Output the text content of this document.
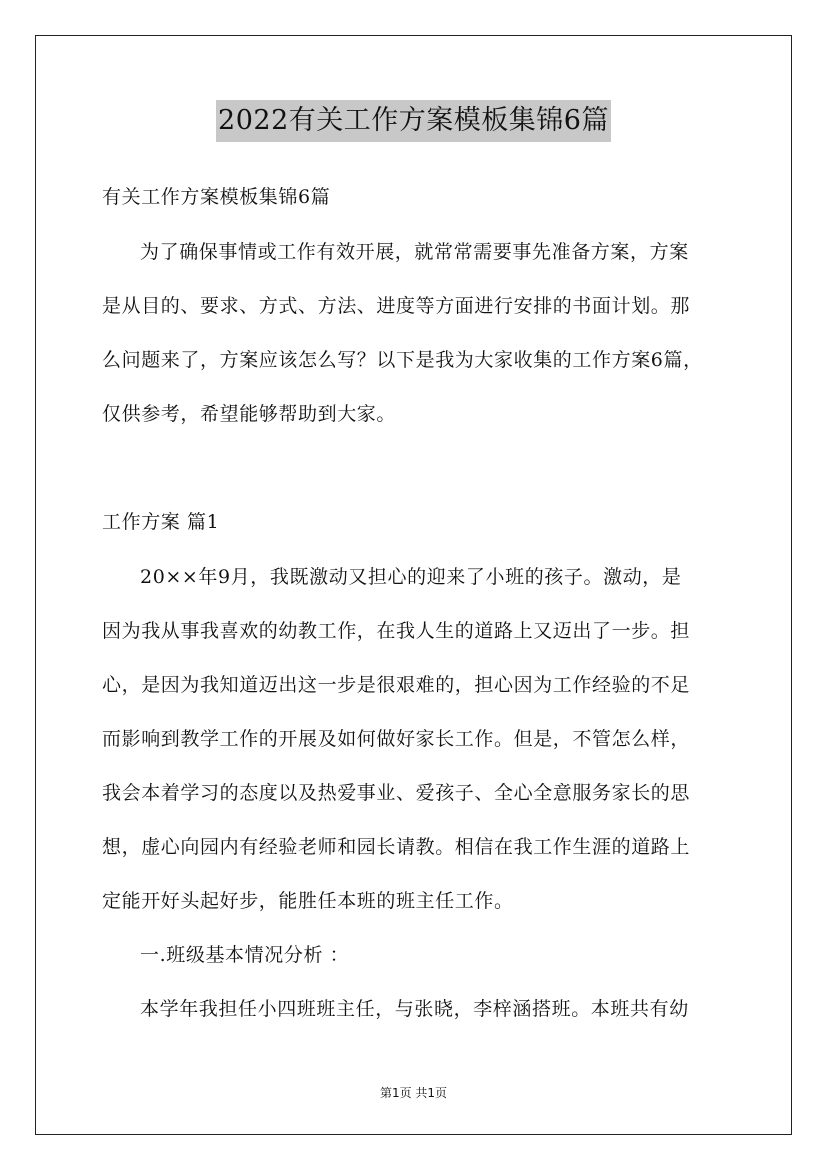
2022有关工作方案模板集锦6篇
有关工作方案模板集锦6篇
为了确保事情或工作有效开展，就常常需要事先准备方案，方案
是从目的、要求、方式、方法、进度等方面进行安排的书面计划。那
么问题来了，方案应该怎么写？以下是我为大家收集的工作方案6篇，
仅供参考，希望能够帮助到大家。
工作方案 篇1
20××年9月，我既激动又担心的迎来了小班的孩子。激动，是
因为我从事我喜欢的幼教工作，在我人生的道路上又迈出了一步。担
心，是因为我知道迈出这一步是很艰难的，担心因为工作经验的不足
而影响到教学工作的开展及如何做好家长工作。但是，不管怎么样，
我会本着学习的态度以及热爱事业、爱孩子、全心全意服务家长的思
想，虚心向园内有经验老师和园长请教。相信在我工作生涯的道路上
定能开好头起好步，能胜任本班的班主任工作。
一.班级基本情况分析 ：
本学年我担任小四班班主任，与张晓，李梓涵搭班。本班共有幼
第1页 共1页
